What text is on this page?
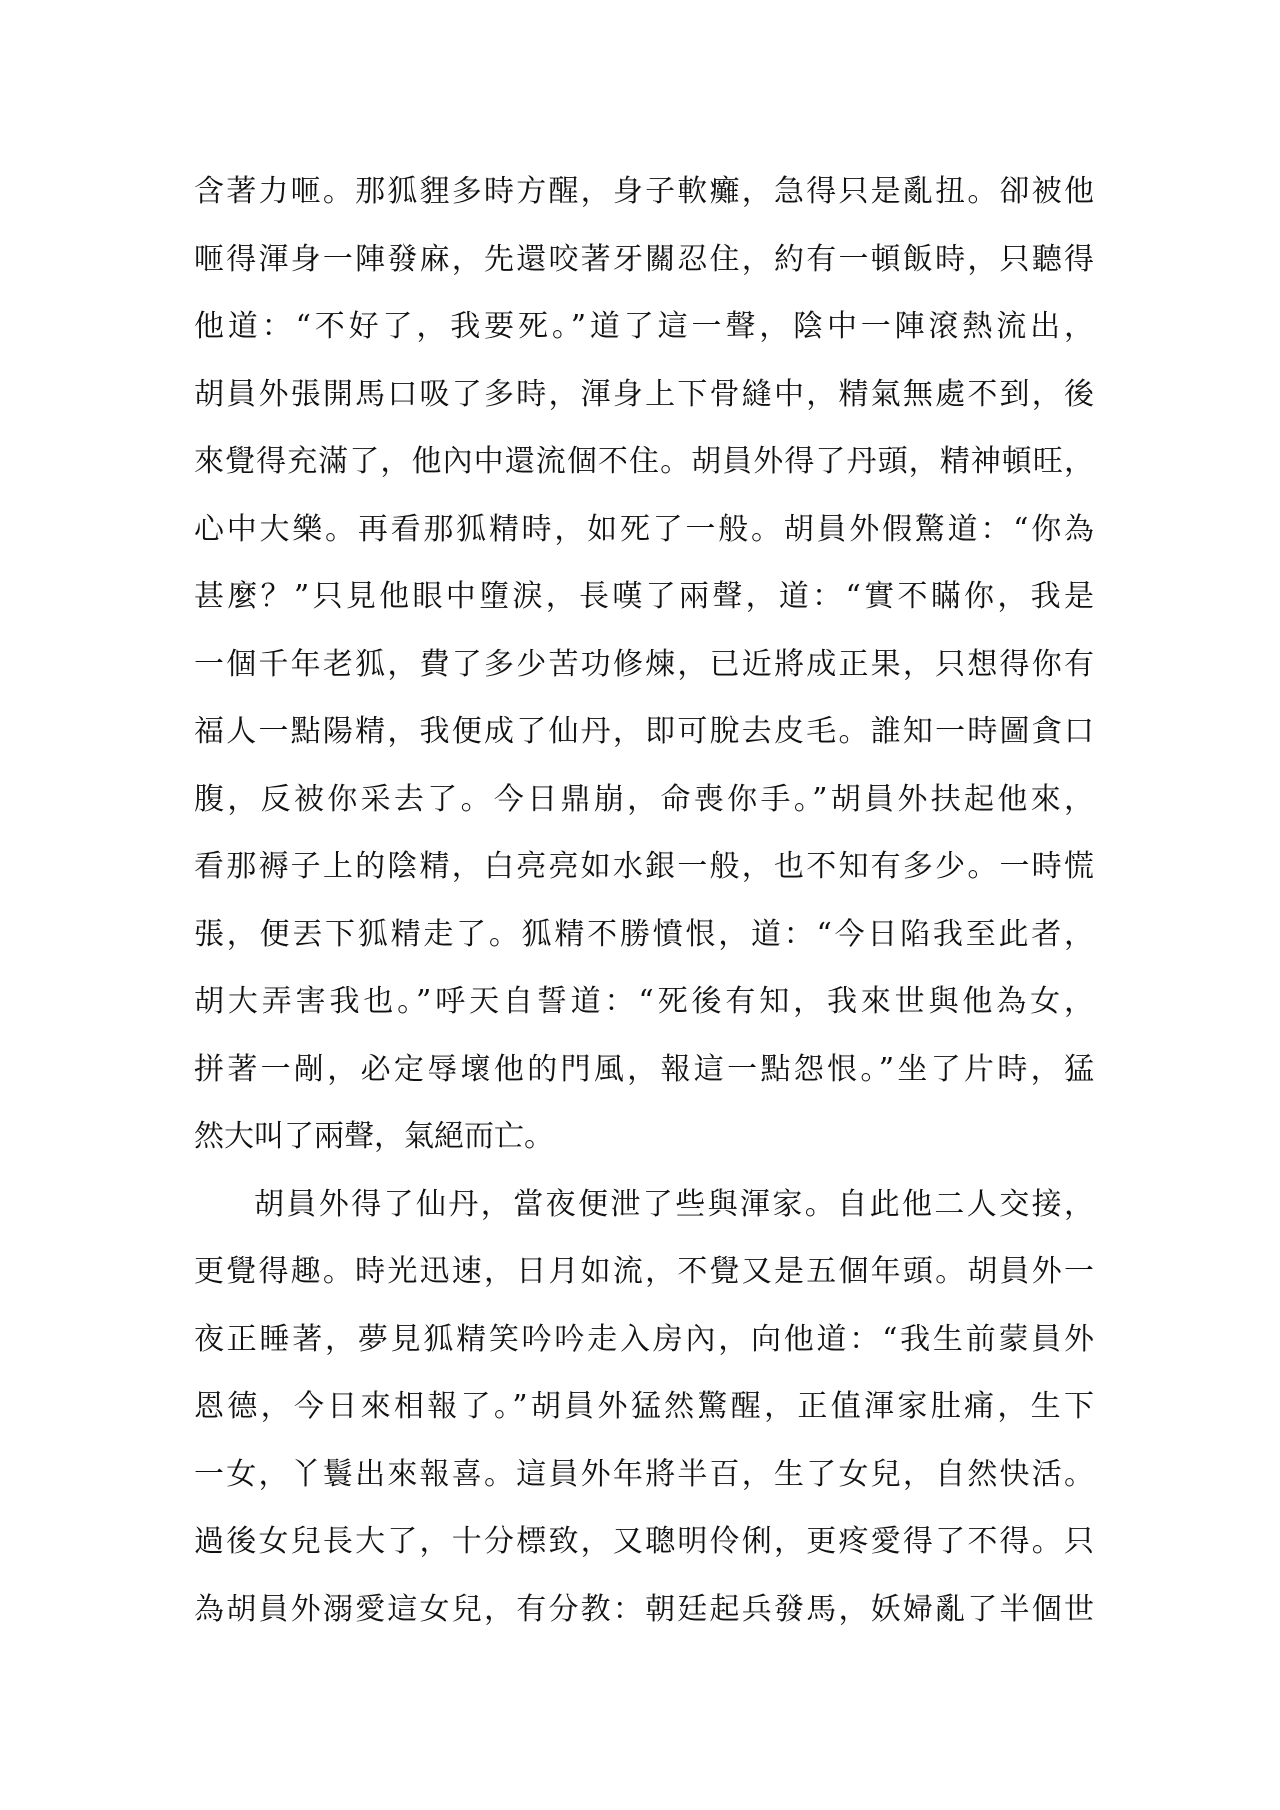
含著力咂。那狐貍多時方醒，身子軟癱，急得只是亂扭。卻被他
咂得渾身一陣發麻，先還咬著牙關忍住，約有一頓飯時，只聽得
他道：“不好了，我要死。”道了這一聲，陰中一陣滾熱流出，
胡員外張開馬口吸了多時，渾身上下骨縫中，精氣無處不到，後
來覺得充滿了，他內中還流個不住。胡員外得了丹頭，精神頓旺，
心中大樂。再看那狐精時，如死了一般。胡員外假驚道：“你為
甚麼？”只見他眼中墮淚，長嘆了兩聲，道：“實不瞞你，我是
一個千年老狐，費了多少苦功修煉，已近將成正果，只想得你有
福人一點陽精，我便成了仙丹，即可脫去皮毛。誰知一時圖貪口
腹，反被你采去了。今日鼎崩，命喪你手。”胡員外扶起他來，
看那褥子上的陰精，白亮亮如水銀一般，也不知有多少。一時慌
張，便丟下狐精走了。狐精不勝憤恨，道：“今日陷我至此者，
胡大弄害我也。”呼天自誓道：“死後有知，我來世與他為女，
拼著一剮，必定辱壞他的門風，報這一點怨恨。”坐了片時，猛
然大叫了兩聲，氣絕而亡。
胡員外得了仙丹，當夜便泄了些與渾家。自此他二人交接，
更覺得趣。時光迅速，日月如流，不覺又是五個年頭。胡員外一
夜正睡著，夢見狐精笑吟吟走入房內，向他道：“我生前蒙員外
恩德，今日來相報了。”胡員外猛然驚醒，正值渾家肚痛，生下
一女，丫鬟出來報喜。這員外年將半百，生了女兒，自然快活。
過後女兒長大了，十分標致，又聰明伶俐，更疼愛得了不得。只
為胡員外溺愛這女兒，有分教：朝廷起兵發馬，妖婦亂了半個世
